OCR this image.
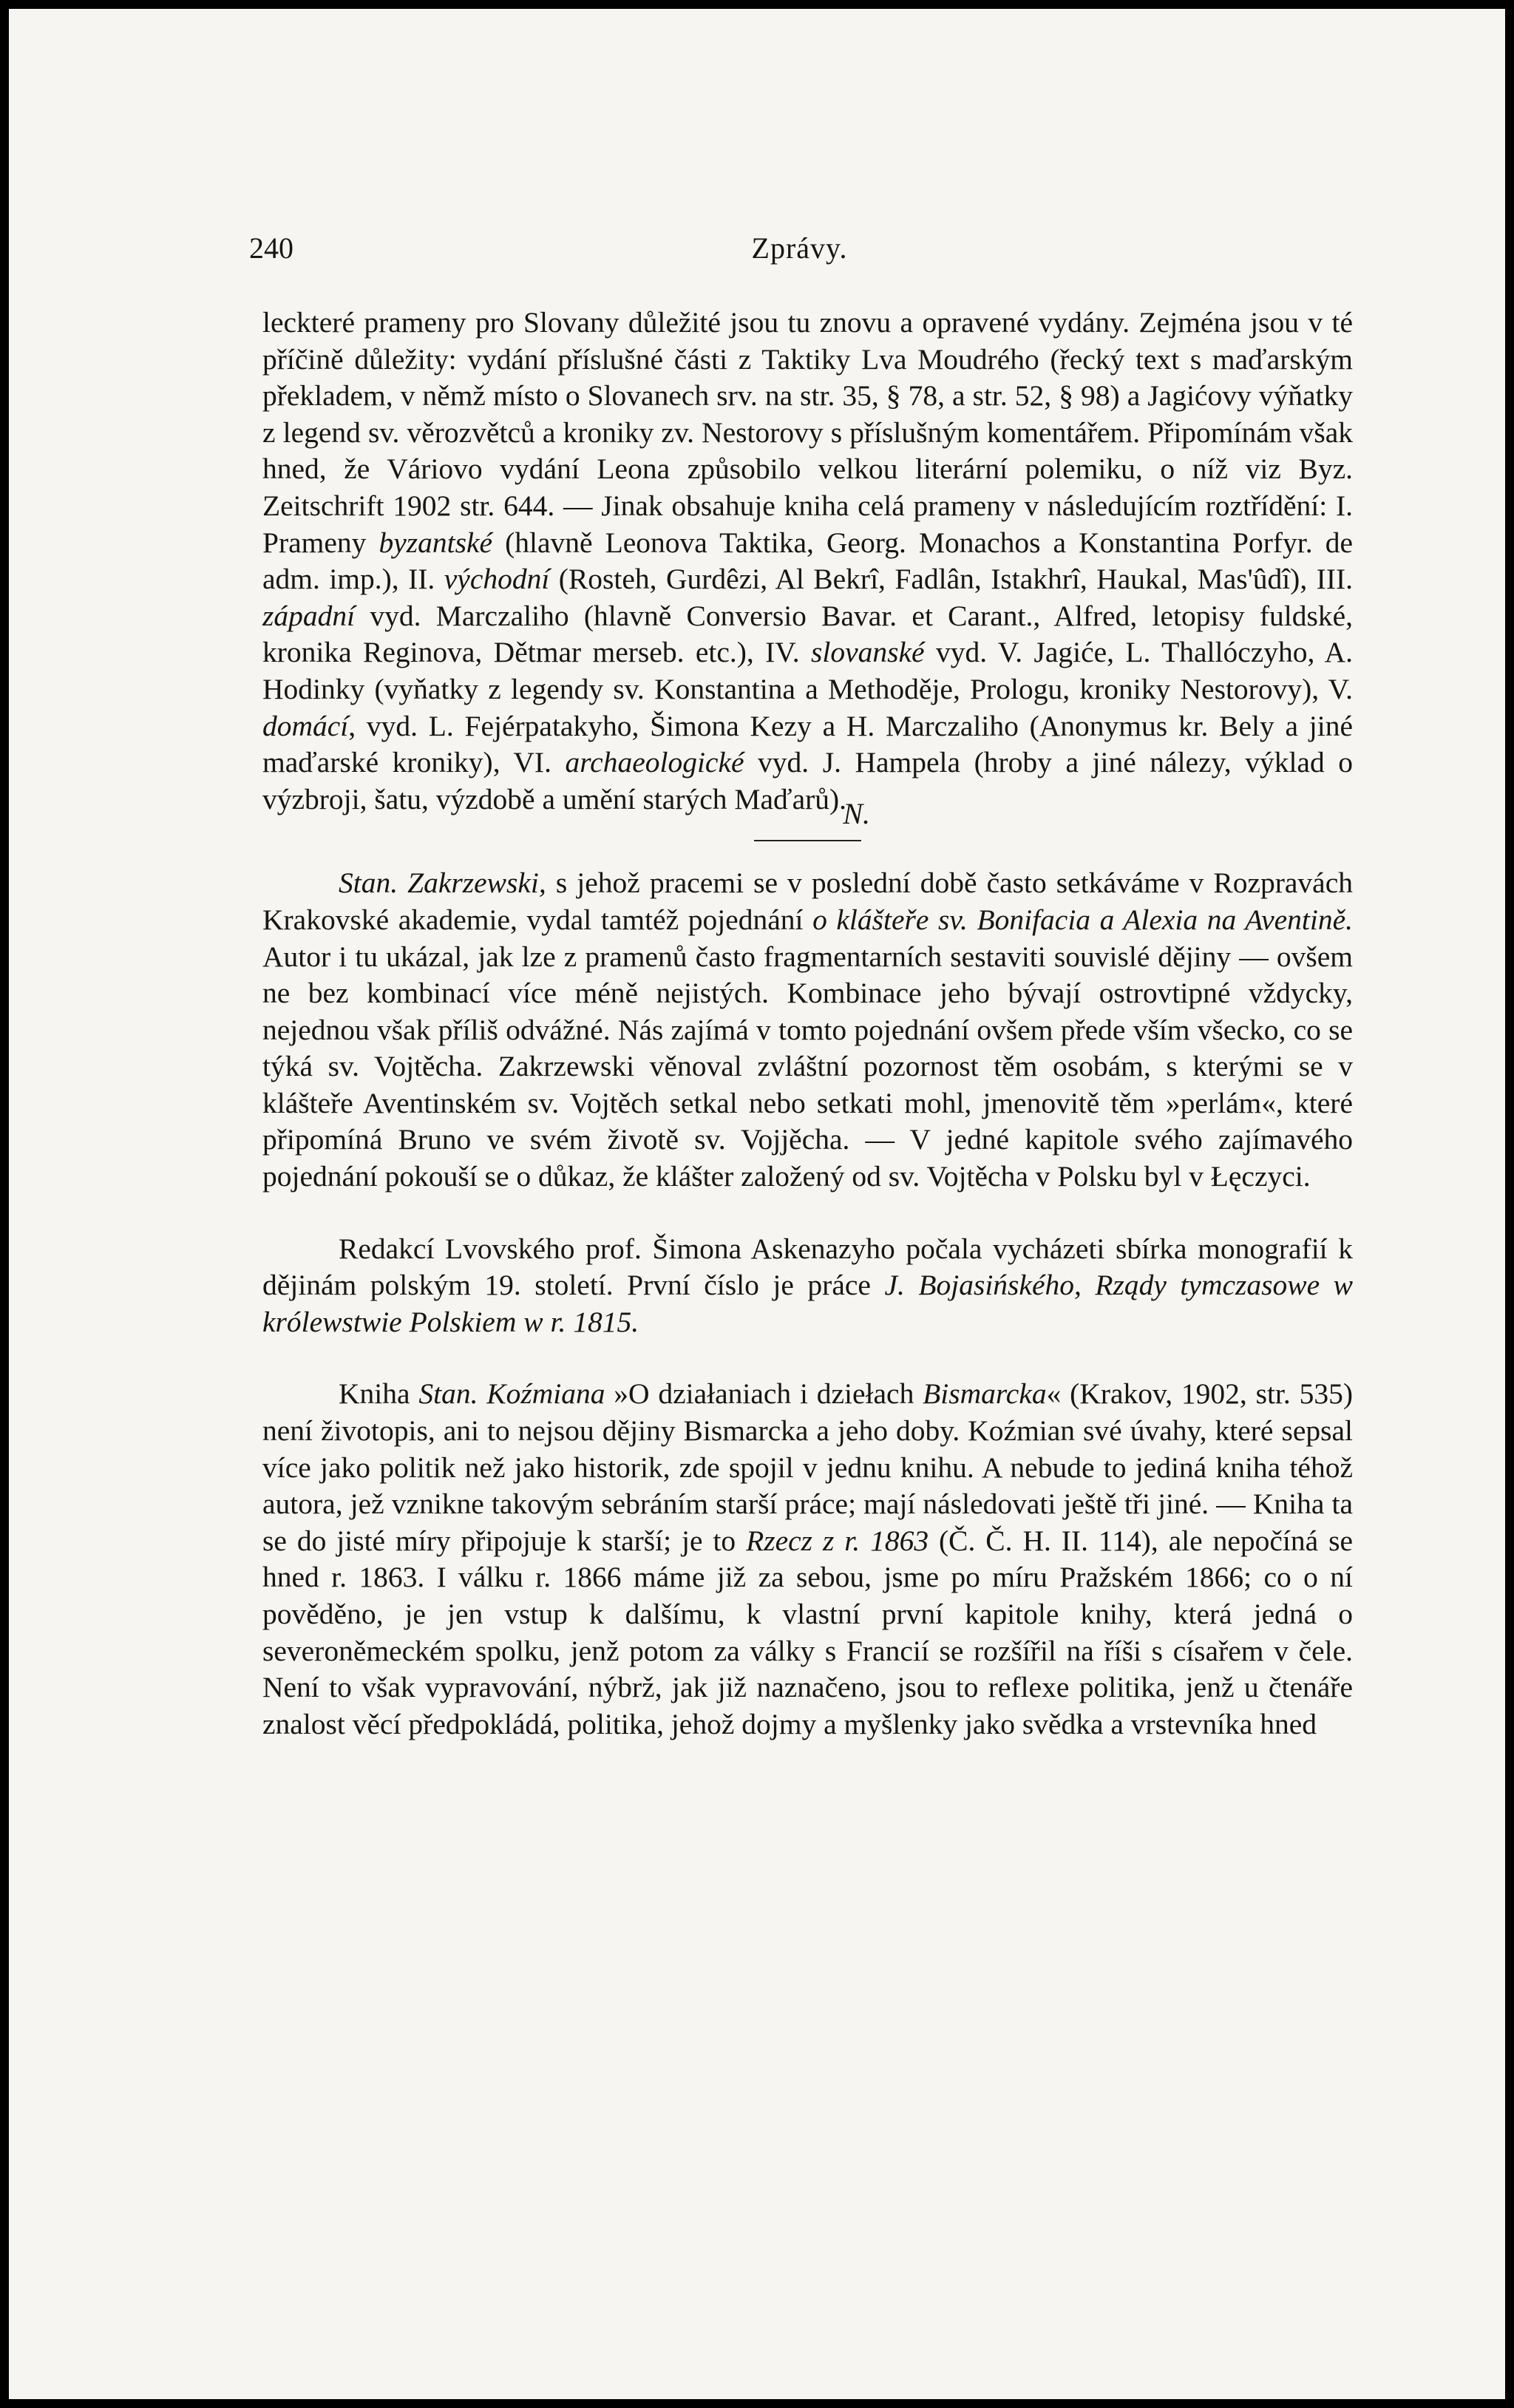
240	Zprávy.

leckteré prameny pro Slovany důležité jsou tu znovu a opravené vydány. Zejména jsou v té příčině důležity: vydání příslušné části z Taktiky Lva Moudrého (řecký text s maďarským překladem, v němž místo o Slovanech srv. na str. 35, § 78, a str. 52, § 98) a Jagićovy výňatky z legend sv. věrozvětců a kroniky zv. Nestorovy s příslušným komentářem. Připomínám však hned, že Váriovo vydání Leona způsobilo velkou literární polemiku, o níž viz Byz. Zeitschrift 1902 str. 644. — Jinak obsahuje kniha celá prameny v následujícím roztřídění: I. Prameny byzantské (hlavně Leonova Taktika, Georg. Monachos a Konstantina Porfyr. de adm. imp.), II. východní (Rosteh, Gurdêzi, Al Bekrî, Fadlân, Istakhrî, Haukal, Mas'ûdî), III. západní vyd. Marczaliho (hlavně Conversio Bavar. et Carant., Alfred, letopisy fuldské, kronika Reginova, Dětmar merseb. etc.), IV. slovanské vyd. V. Jagiće, L. Thallóczyho, A. Hodinky (vyňatky z legendy sv. Konstantina a Methoděje, Prologu, kroniky Nestorovy), V. domácí, vyd. L. Fejérpatakyho, Šimona Kezy a H. Marczaliho (Anonymus kr. Bely a jiné maďarské kroniky), VI. archaeologické vyd. J. Hampela (hroby a jiné nálezy, výklad o výzbroji, šatu, výzdobě a umění starých Maďarů).

N.

Stan. Zakrzewski, s jehož pracemi se v poslední době často setkáváme v Rozpravách Krakovské akademie, vydal tamtéž pojednání o klášteře sv. Bonifacia a Alexia na Aventině. Autor i tu ukázal, jak lze z pramenů často fragmentarních sestaviti souvislé dějiny — ovšem ne bez kombinací více méně nejistých. Kombinace jeho bývají ostrovtipné vždycky, nejednou však příliš odvážné. Nás zajímá v tomto pojednání ovšem přede vším všecko, co se týká sv. Vojtěcha. Zakrzewski věnoval zvláštní pozornost těm osobám, s kterými se v klášteře Aventinském sv. Vojtěch setkal nebo setkati mohl, jmenovitě těm »perlám«, které připomíná Bruno ve svém životě sv. Vojjěcha. — V jedné kapitole svého zajímavého pojednání pokouší se o důkaz, že klášter založený od sv. Vojtěcha v Polsku byl v Łęczyci.

Redakcí Lvovského prof. Šimona Askenazyho počala vycházeti sbírka monografií k dějinám polským 19. století. První číslo je práce J. Bojasińského, Rządy tymczasowe w królewstwie Polskiem w r. 1815.

Kniha Stan. Koźmiana »O działaniach i dziełach Bismarcka« (Krakov, 1902, str. 535) není životopis, ani to nejsou dějiny Bismarcka a jeho doby. Koźmian své úvahy, které sepsal více jako politik než jako historik, zde spojil v jednu knihu. A nebude to jediná kniha téhož autora, jež vznikne takovým sebráním starší práce; mají následovati ještě tři jiné. — Kniha ta se do jisté míry připojuje k starší; je to Rzecz z r. 1863 (Č. Č. H. II. 114), ale nepočíná se hned r. 1863. I válku r. 1866 máme již za sebou, jsme po míru Pražském 1866; co o ní pověděno, je jen vstup k dalšímu, k vlastní první kapitole knihy, která jedná o severoněmeckém spolku, jenž potom za války s Francií se rozšířil na říši s císařem v čele. Není to však vypravování, nýbrž, jak již naznačeno, jsou to reflexe politika, jenž u čtenáře znalost věcí předpokládá, politika, jehož dojmy a myšlenky jako svědka a vrstevníka hned
